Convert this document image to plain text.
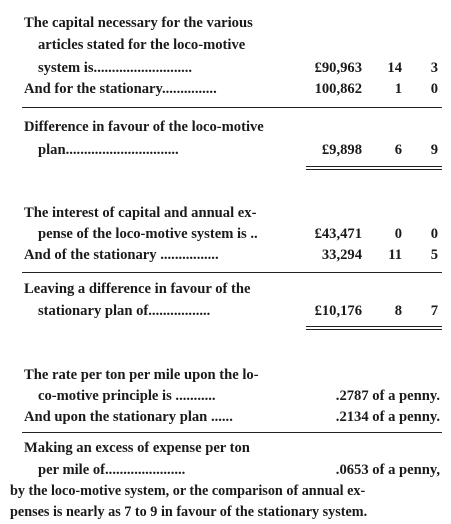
The capital necessary for the various
articles stated for the loco-motive
system is...........................	£90,963 14 3
And for the stationary...............	100,862 1 0
Difference in favour of the loco-motive
plan...............................	£9,898 6 9
The interest of capital and annual ex-
pense of the loco-motive system is ..	£43,471 0 0
And of the stationary ................	33,294 11 5
Leaving a difference in favour of the
stationary plan of.................	£10,176 8 7
The rate per ton per mile upon the lo-
co-motive principle is ...........	.2787 of a penny.
And upon the stationary plan ......	.2134 of a penny.
Making an excess of expense per ton
per mile of......................	.0653 of a penny,
by the loco-motive system, or the comparison of annual ex-
penses is nearly as 7 to 9 in favour of the stationary system.
